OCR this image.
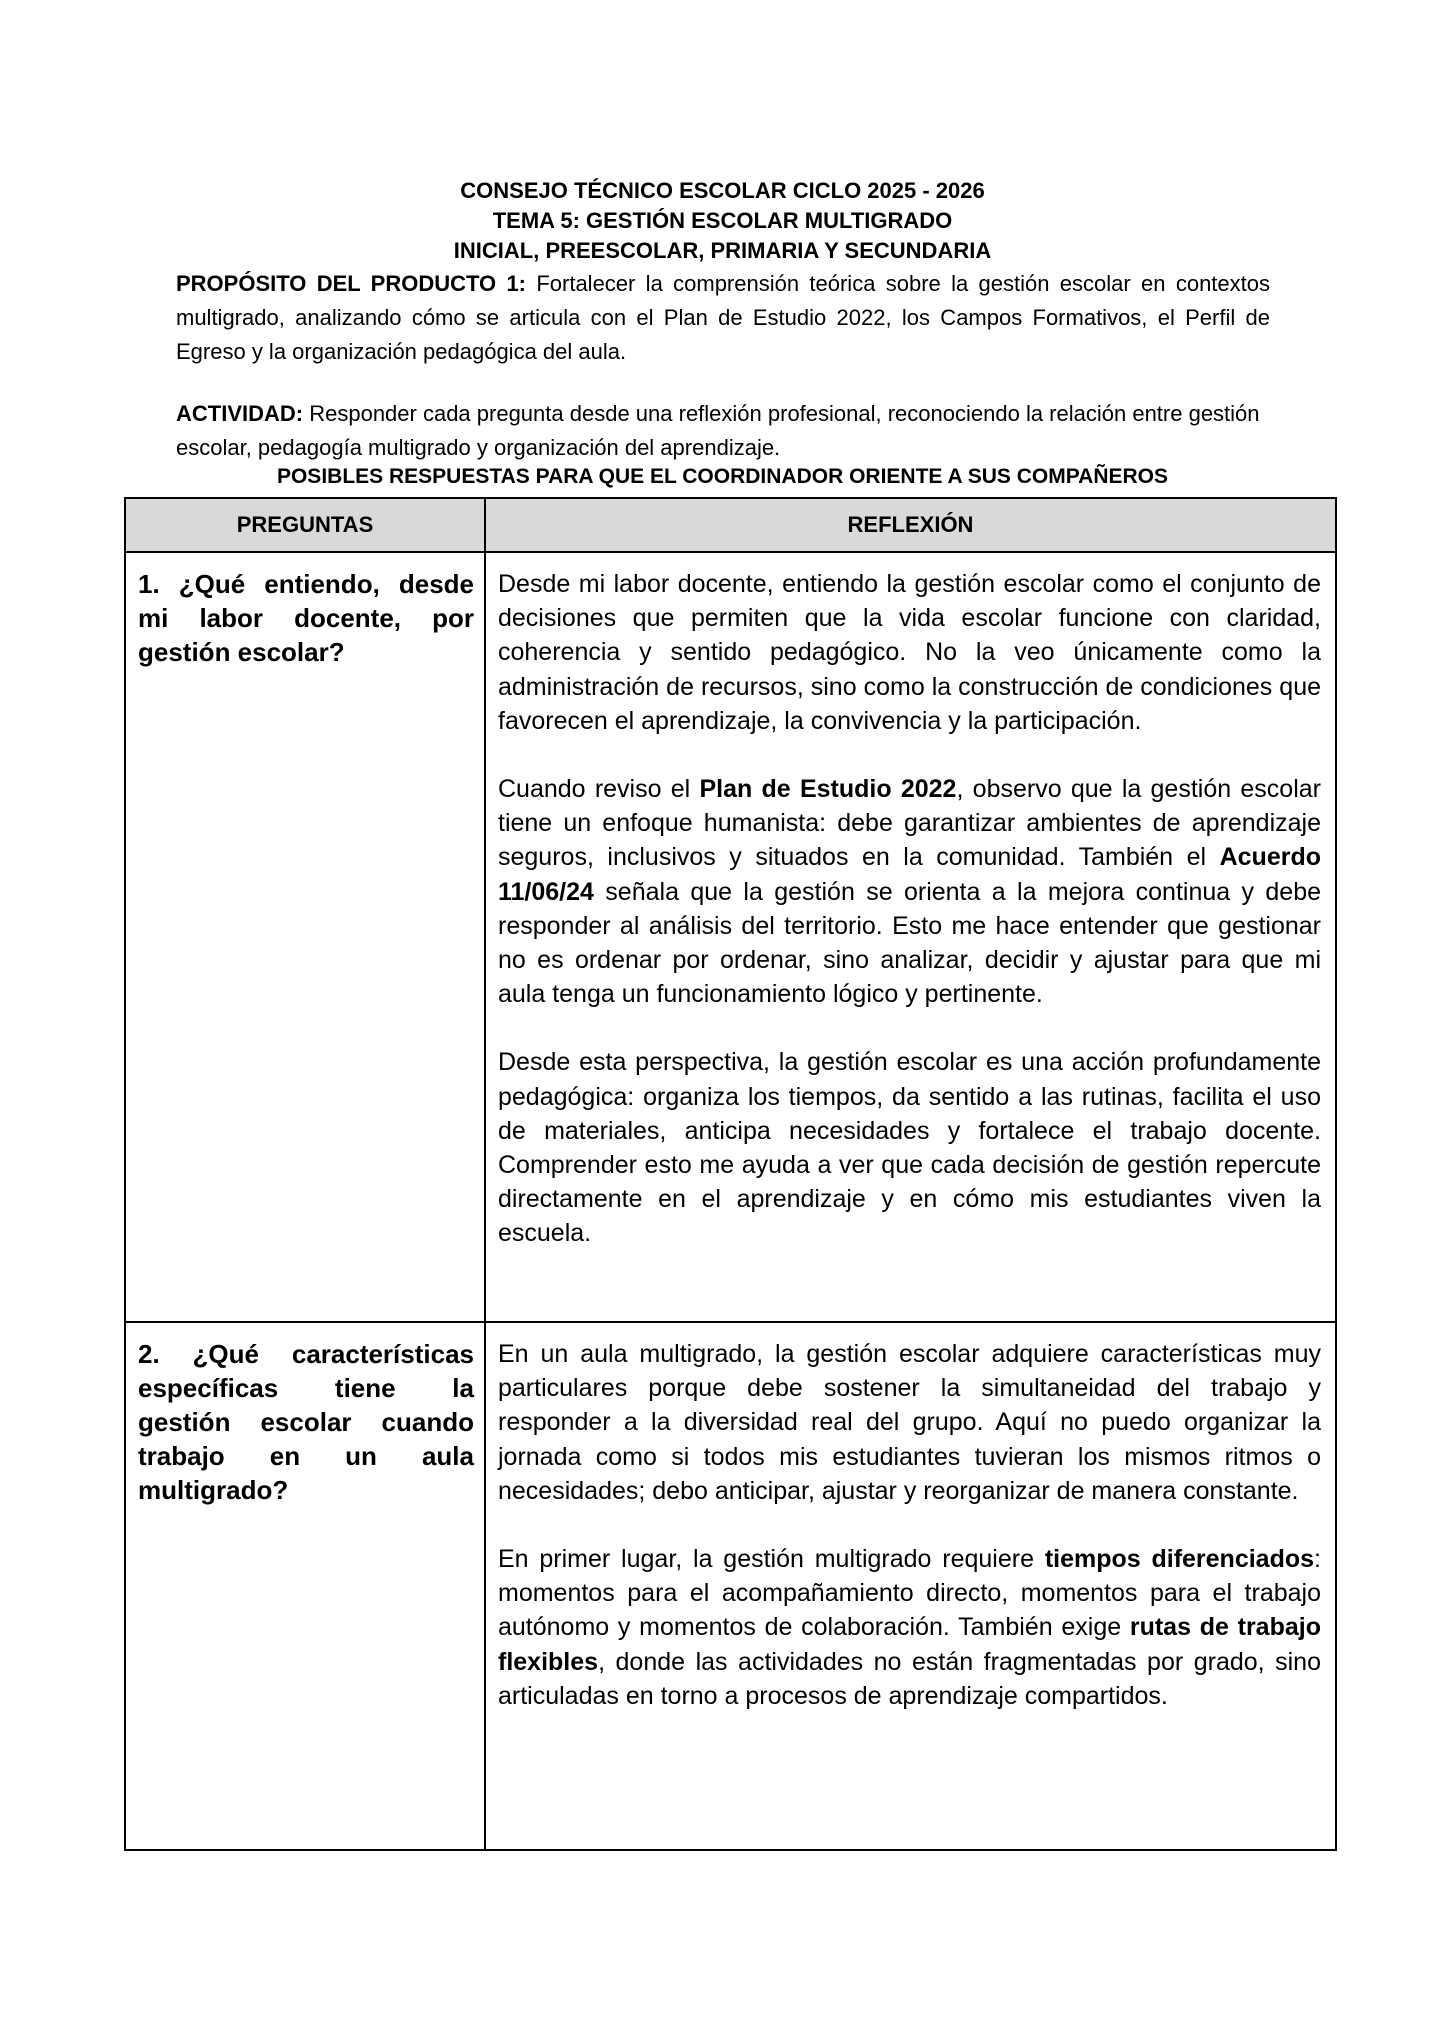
CONSEJO TÉCNICO ESCOLAR CICLO 2025 - 2026
TEMA 5: GESTIÓN ESCOLAR MULTIGRADO
INICIAL, PREESCOLAR, PRIMARIA Y SECUNDARIA
PROPÓSITO DEL PRODUCTO 1: Fortalecer la comprensión teórica sobre la gestión escolar en contextos multigrado, analizando cómo se articula con el Plan de Estudio 2022, los Campos Formativos, el Perfil de Egreso y la organización pedagógica del aula.
ACTIVIDAD: Responder cada pregunta desde una reflexión profesional, reconociendo la relación entre gestión escolar, pedagogía multigrado y organización del aprendizaje.
POSIBLES RESPUESTAS PARA QUE EL COORDINADOR ORIENTE A SUS COMPAÑEROS
PREGUNTAS	REFLEXIÓN
1. ¿Qué entiendo, desde mi labor docente, por gestión escolar?	Desde mi labor docente, entiendo la gestión escolar como el conjunto de decisiones que permiten que la vida escolar funcione con claridad, coherencia y sentido pedagógico. No la veo únicamente como la administración de recursos, sino como la construcción de condiciones que favorecen el aprendizaje, la convivencia y la participación.

Cuando reviso el Plan de Estudio 2022, observo que la gestión escolar tiene un enfoque humanista: debe garantizar ambientes de aprendizaje seguros, inclusivos y situados en la comunidad. También el Acuerdo 11/06/24 señala que la gestión se orienta a la mejora continua y debe responder al análisis del territorio. Esto me hace entender que gestionar no es ordenar por ordenar, sino analizar, decidir y ajustar para que mi aula tenga un funcionamiento lógico y pertinente.

Desde esta perspectiva, la gestión escolar es una acción profundamente pedagógica: organiza los tiempos, da sentido a las rutinas, facilita el uso de materiales, anticipa necesidades y fortalece el trabajo docente. Comprender esto me ayuda a ver que cada decisión de gestión repercute directamente en el aprendizaje y en cómo mis estudiantes viven la escuela.

2. ¿Qué características específicas tiene la gestión escolar cuando trabajo en un aula multigrado?	En un aula multigrado, la gestión escolar adquiere características muy particulares porque debe sostener la simultaneidad del trabajo y responder a la diversidad real del grupo. Aquí no puedo organizar la jornada como si todos mis estudiantes tuvieran los mismos ritmos o necesidades; debo anticipar, ajustar y reorganizar de manera constante.

En primer lugar, la gestión multigrado requiere tiempos diferenciados: momentos para el acompañamiento directo, momentos para el trabajo autónomo y momentos de colaboración. También exige rutas de trabajo flexibles, donde las actividades no están fragmentadas por grado, sino articuladas en torno a procesos de aprendizaje compartidos.
